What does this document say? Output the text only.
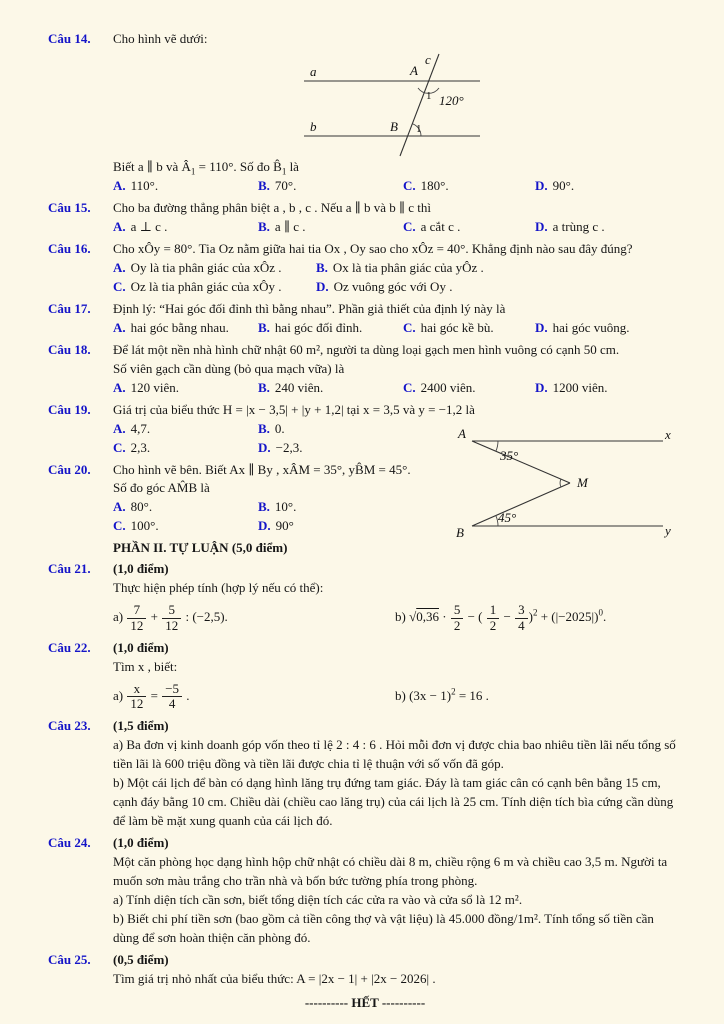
Câu 14.	Cho hình vẽ dưới:
a
b
c
A
1 120°
B 1
Biết a ∥ b và $Â_1 = 110^\circ$. Số đo $B̂_1$ là
A. 110°.	B. 70°.	C. 180°.	D. 90°.
Câu 15.	Cho ba đường thẳng phân biệt a , b , c . Nếu a ∥ b và b ∥ c thì
A. a ⊥ c .	B. a ∥ c .	C. a cắt c .	D. a trùng c .
Câu 16.	Cho xÔy = 80°. Tia Oz nằm giữa hai tia Ox , Oy sao cho xÔz = 40°. Khẳng định nào sau đây đúng?
A. Oy là tia phân giác của xÔz .	B. Ox là tia phân giác của yÔz .
C. Oz là tia phân giác của xÔy .	D. Oz vuông góc với Oy .
Câu 17.	Định lý: “Hai góc đối đỉnh thì bằng nhau”. Phần giả thiết của định lý này là
A. hai góc bằng nhau.	B. hai góc đối đỉnh.	C. hai góc kề bù.	D. hai góc vuông.
Câu 18.	Để lát một nền nhà hình chữ nhật 60 m², người ta dùng loại gạch men hình vuông có cạnh 50 cm.
Số viên gạch cần dùng (bỏ qua mạch vữa) là
A. 120 viên.	B. 240 viên.	C. 2400 viên.	D. 1200 viên.
A	x
35°
M
45°
B	y
Câu 19.	Giá trị của biểu thức H = |x − 3,5| + |y + 1,2| tại x = 3,5 và y = −1,2 là
A. 4,7.	B. 0.
C. 2,3.	D. −2,3.
Câu 20.	Cho hình vẽ bên. Biết Ax ∥ By , xÂM = 35°, yB̂M = 45°.
Số đo góc AM̂B là
A. 80°.	B. 10°.
C. 100°.	D. 90°
PHẦN II. TỰ LUẬN (5,0 điểm)
Câu 21.	(1,0 điểm)
Thực hiện phép tính (hợp lý nếu có thể):
$a) \frac{7}{12} + \frac{5}{12}$ : (−2,5).	b) $√0,36 \cdot \frac{5}{2}$ − ( $\frac{1}{2} - \frac{3}{4} )^2 + (|-2025|)^0$.
Câu 22.	(1,0 điểm)
Tìm x , biết:
$a) \frac{x}{12} = \frac{-5}{4}$ .	b) $(3x - 1)^2 = 16$ .
Câu 23.	(1,5 điểm)
a) Ba đơn vị kinh doanh góp vốn theo tỉ lệ 2 : 4 : 6 . Hỏi mỗi đơn vị được chia bao nhiêu tiền lãi nếu tổng số tiền lãi là 600 triệu đồng và tiền lãi được chia tỉ lệ thuận với số vốn đã góp.
b) Một cái lịch để bàn có dạng hình lăng trụ đứng tam giác. Đáy là tam giác cân có cạnh bên bằng 15 cm, cạnh đáy bằng 10 cm. Chiều dài (chiều cao lăng trụ) của cái lịch là 25 cm. Tính diện tích bìa cứng cần dùng để làm bề mặt xung quanh của cái lịch đó.
Câu 24.	(1,0 điểm)
Một căn phòng học dạng hình hộp chữ nhật có chiều dài 8 m, chiều rộng 6 m và chiều cao 3,5 m. Người ta muốn sơn màu trắng cho trần nhà và bốn bức tường phía trong phòng.
a) Tính diện tích cần sơn, biết tổng diện tích các cửa ra vào và cửa sổ là 12 m².
b) Biết chi phí tiền sơn (bao gồm cả tiền công thợ và vật liệu) là 45.000 đồng/1m². Tính tổng số tiền cần dùng để sơn hoàn thiện căn phòng đó.
Câu 25.	(0,5 điểm)
Tìm giá trị nhỏ nhất của biểu thức: A = |2x − 1| + |2x − 2026| .
---------- HẾT ----------
